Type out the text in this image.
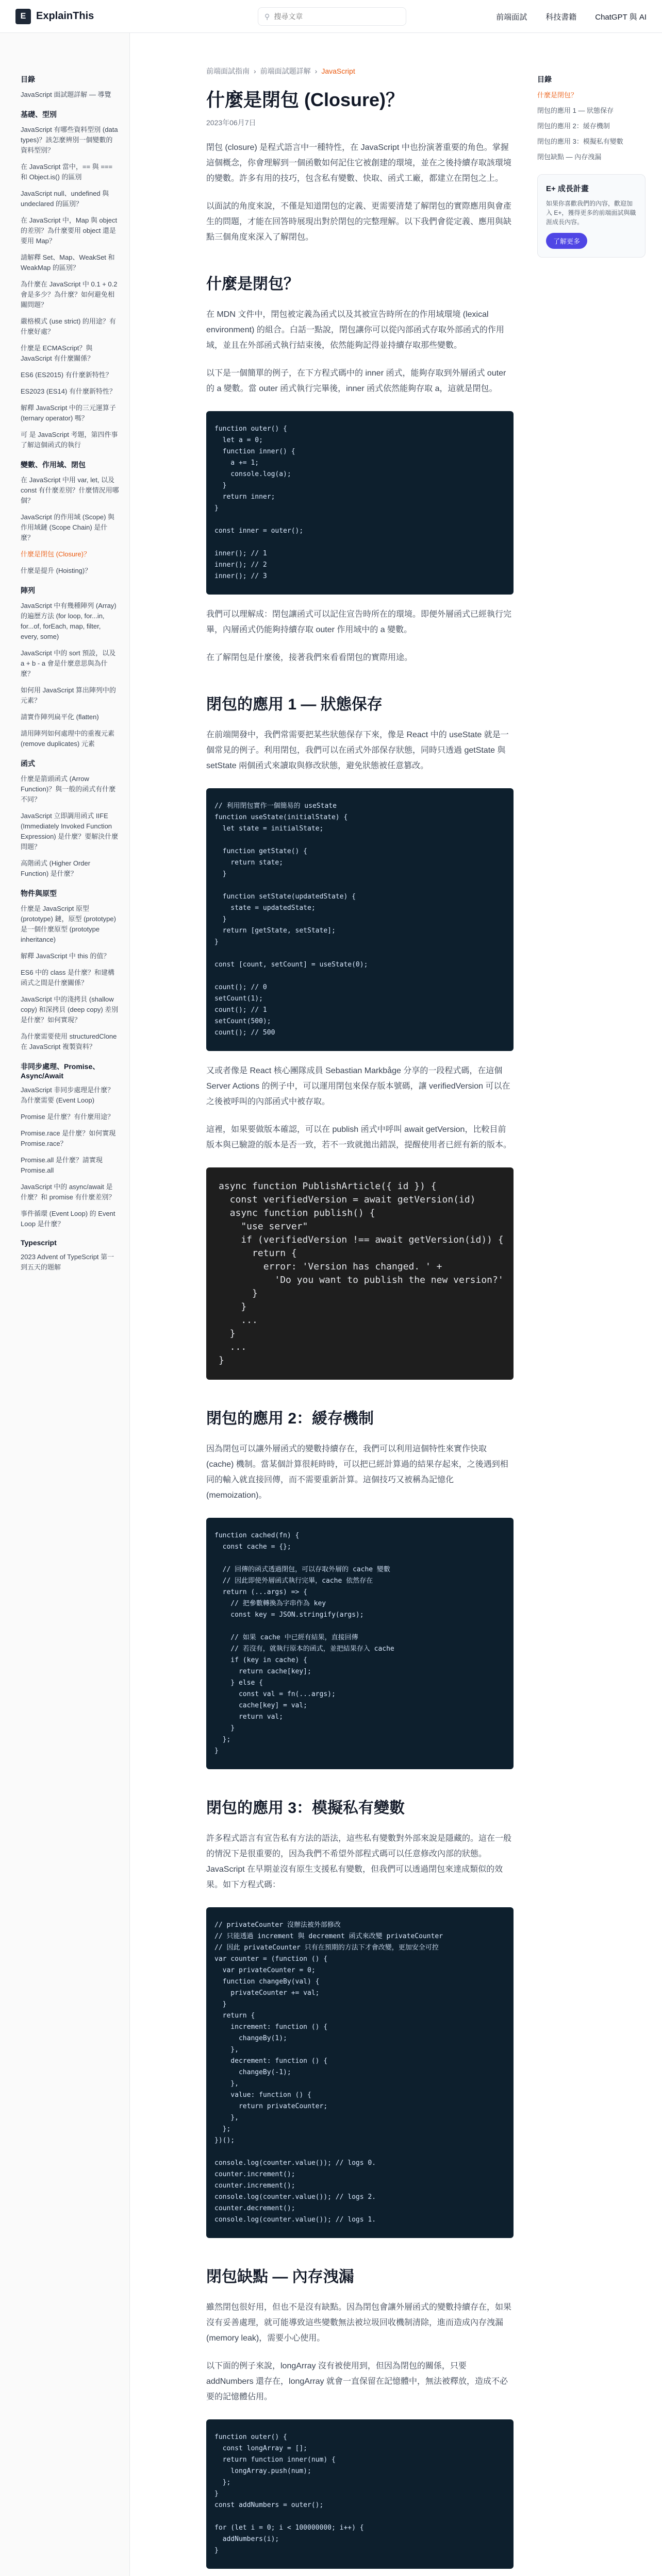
E ExplainThis	⚲
搜尋文章	前端面試 科技書籍 ChatGPT 與 AI
目錄
JavaScript 面試題詳解 — 導覽
基礎、型別
JavaScript 有哪些資料型別 (data types)？該怎麼辨別一個變數的資料型別？
在 JavaScript 當中，== 與 === 和 Object.is() 的區別
JavaScript null、undefined 與 undeclared 的區別？
在 JavaScript 中，Map 與 object 的差別？為什麼要用 object 還是要用 Map？
請解釋 Set、Map、WeakSet 和 WeakMap 的區別？
為什麼在 JavaScript 中 0.1 + 0.2 會是多少？為什麼？如何避免相關問題？
嚴格模式 (use strict) 的用途？有什麼好處？
什麼是 ECMAScript？與 JavaScript 有什麼關係？
ES6 (ES2015) 有什麼新特性？
ES2023 (ES14) 有什麼新特性？
解釋 JavaScript 中的三元運算子 (ternary operator) 嗎？
可 是 JavaScript 考題，第四件事了解這個函式的執行
變數、作用域、閉包
在 JavaScript 中用 var, let, 以及 const 有什麼差別？什麼情況用哪個？
JavaScript 的作用域 (Scope) 與作用域鏈 (Scope Chain) 是什麼？
什麼是閉包 (Closure)？
什麼是提升 (Hoisting)？
陣列
JavaScript 中有幾種陣列 (Array) 的遍歷方法 (for loop, for...in, for...of, forEach, map, filter, every, some)
JavaScript 中的 sort 預設，以及 a + b - a 會是什麼意思與為什麼？
如何用 JavaScript 算出陣列中的元素？
請實作陣列扁平化 (flatten)
請用陣列如何處理中的重複元素 (remove duplicates) 元素
函式
什麼是箭頭函式 (Arrow Function)？與一般的函式有什麼不同？
JavaScript 立即調用函式 IIFE (Immediately Invoked Function Expression) 是什麼？要解決什麼問題？
高階函式 (Higher Order Function) 是什麼？
物件與原型
什麼是 JavaScript 原型 (prototype) 鏈，原型 (prototype) 是一個什麼原型 (prototype inheritance)
解釋 JavaScript 中 this 的值？
ES6 中的 class 是什麼？和建構函式之間是什麼關係？
JavaScript 中的淺拷貝 (shallow copy) 和深拷貝 (deep copy) 差別是什麼？如何實現？
為什麼需要使用 structuredClone 在 JavaScript 複製資料？
非同步處理、Promise、Async/Await
JavaScript 非同步處理是什麼？為什麼需要 (Event Loop)
Promise 是什麼？有什麼用途？
Promise.race 是什麼？如何實現 Promise.race？
Promise.all 是什麼？請實現 Promise.all
JavaScript 中的 async/await 是什麼？和 promise 有什麼差別？
事件循環 (Event Loop) 的 Event Loop 是什麼？
Typescript
2023 Advent of TypeScript 第一到五天的題解
前端面試指南 › 前端面試題詳解 › JavaScript
什麼是閉包 (Closure)？
2023年06月7日

閉包 (closure) 是程式語言中一種特性，在 JavaScript 中也扮演著重要的角色。掌握這個概念，你會理解到一個函數如何記住它被創建的環境，並在之後持續存取該環境的變數。許多有用的技巧，包含私有變數、快取、函式工廠，都建立在閉包之上。

以面試的角度來說，不僅是知道閉包的定義、更需要清楚了解閉包的實際應用與會產生的問題，才能在回答時展現出對於閉包的完整理解。以下我們會從定義、應用與缺點三個角度來深入了解閉包。

什麼是閉包？

在 MDN 文件中，閉包被定義為函式以及其被宣告時所在的作用域環境 (lexical environment) 的組合。白話一點說，閉包讓你可以從內部函式存取外部函式的作用域，並且在外部函式執行結束後，依然能夠記得並持續存取那些變數。

以下是一個簡單的例子，在下方程式碼中的 inner 函式，能夠存取到外層函式 outer 的 a 變數。當 outer 函式執行完畢後，inner 函式依然能夠存取 a，這就是閉包。

function outer() {
let a = 0;
function inner() {
a += 1;
console.log(a);
}
return inner;
}

const inner = outer();

inner(); // 1
inner(); // 2
inner(); // 3

我們可以理解成：閉包讓函式可以記住宣告時所在的環境。即便外層函式已經執行完畢，內層函式仍能夠持續存取 outer 作用域中的 a 變數。

在了解閉包是什麼後，接著我們來看看閉包的實際用途。

閉包的應用 1 — 狀態保存

在前端開發中，我們常需要把某些狀態保存下來，像是 React 中的 useState 就是一個常見的例子。利用閉包，我們可以在函式外部保存狀態，同時只透過 getState 與 setState 兩個函式來讀取與修改狀態，避免狀態被任意篡改。

// 利用閉包實作一個簡易的 useState
function useState(initialState) {
let state = initialState;

function getState() {
return state;
}

function setState(updatedState) {
state = updatedState;
}
return [getState, setState];
}

const [count, setCount] = useState(0);

count(); // 0
setCount(1);
count(); // 1
setCount(500);
count(); // 500

又或者像是 React 核心團隊成員 Sebastian Markbåge 分享的一段程式碼，在這個 Server Actions 的例子中，可以運用閉包來保存版本號碼，讓 verifiedVersion 可以在之後被呼叫的內部函式中被存取。

這裡，如果要做版本確認，可以在 publish 函式中呼叫 await getVersion，比較目前版本與已驗證的版本是否一致，若不一致就拋出錯誤，提醒使用者已經有新的版本。

async function PublishArticle({ id }) {
const verifiedVersion = await getVersion(id)
async function publish() {
"use server"
if (verifiedVersion !== await getVersion(id)) {
return {
error: 'Version has changed. ' +
'Do you want to publish the new version?'
}
}
...
}
...
}
閉包的應用 2：緩存機制

因為閉包可以讓外層函式的變數持續存在，我們可以利用這個特性來實作快取 (cache) 機制。當某個計算很耗時時，可以把已經計算過的結果存起來，之後遇到相同的輸入就直接回傳，而不需要重新計算。這個技巧又被稱為記憶化 (memoization)。

function cached(fn) {
const cache = {};

// 回傳的函式透過閉包，可以存取外層的 cache 變數
// 因此即使外層函式執行完畢，cache 依然存在
return (...args) => {
// 把參數轉換為字串作為 key
const key = JSON.stringify(args);

// 如果 cache 中已經有結果，直接回傳
// 若沒有，就執行原本的函式，並把結果存入 cache
if (key in cache) {
return cache[key];
} else {
const val = fn(...args);
cache[key] = val;
return val;
}
};
}
閉包的應用 3：模擬私有變數

許多程式語言有宣告私有方法的語法，這些私有變數對外部來說是隱藏的。這在一般的情況下是很重要的，因為我們不希望外部程式碼可以任意修改內部的狀態。JavaScript 在早期並沒有原生支援私有變數，但我們可以透過閉包來達成類似的效果。如下方程式碼：

// privateCounter 沒辦法被外部修改
// 只能透過 increment 與 decrement 函式來改變 privateCounter
// 因此 privateCounter 只有在預期的方法下才會改變，更加安全可控
var counter = (function () {
var privateCounter = 0;
function changeBy(val) {
privateCounter += val;
}
return {
increment: function () {
changeBy(1);
},
decrement: function () {
changeBy(-1);
},
value: function () {
return privateCounter;
},
};
})();

console.log(counter.value()); // logs 0.
counter.increment();
counter.increment();
console.log(counter.value()); // logs 2.
counter.decrement();
console.log(counter.value()); // logs 1.
閉包缺點 — 內存洩漏

雖然閉包很好用，但也不是沒有缺點。因為閉包會讓外層函式的變數持續存在，如果沒有妥善處理，就可能導致這些變數無法被垃圾回收機制清除，進而造成內存洩漏 (memory leak)，需要小心使用。

以下面的例子來說，longArray 沒有被使用到，但因為閉包的關係，只要 addNumbers 還存在，longArray 就會一直保留在記憶體中，無法被釋放，造成不必要的記憶體佔用。

function outer() {
const longArray = [];
return function inner(num) {
longArray.push(num);
};
}
const addNumbers = outer();

for (let i = 0; i < 100000000; i++) {
addNumbers(i);
}
目錄
什麼是閉包？
閉包的應用 1 — 狀態保存
閉包的應用 2：緩存機制
閉包的應用 3：模擬私有變數
閉包缺點 — 內存洩漏
E+ 成長計畫
如果你喜歡我們的內容，歡迎加入 E+，獲得更多的前端面試與職涯成長內容。
了解更多
